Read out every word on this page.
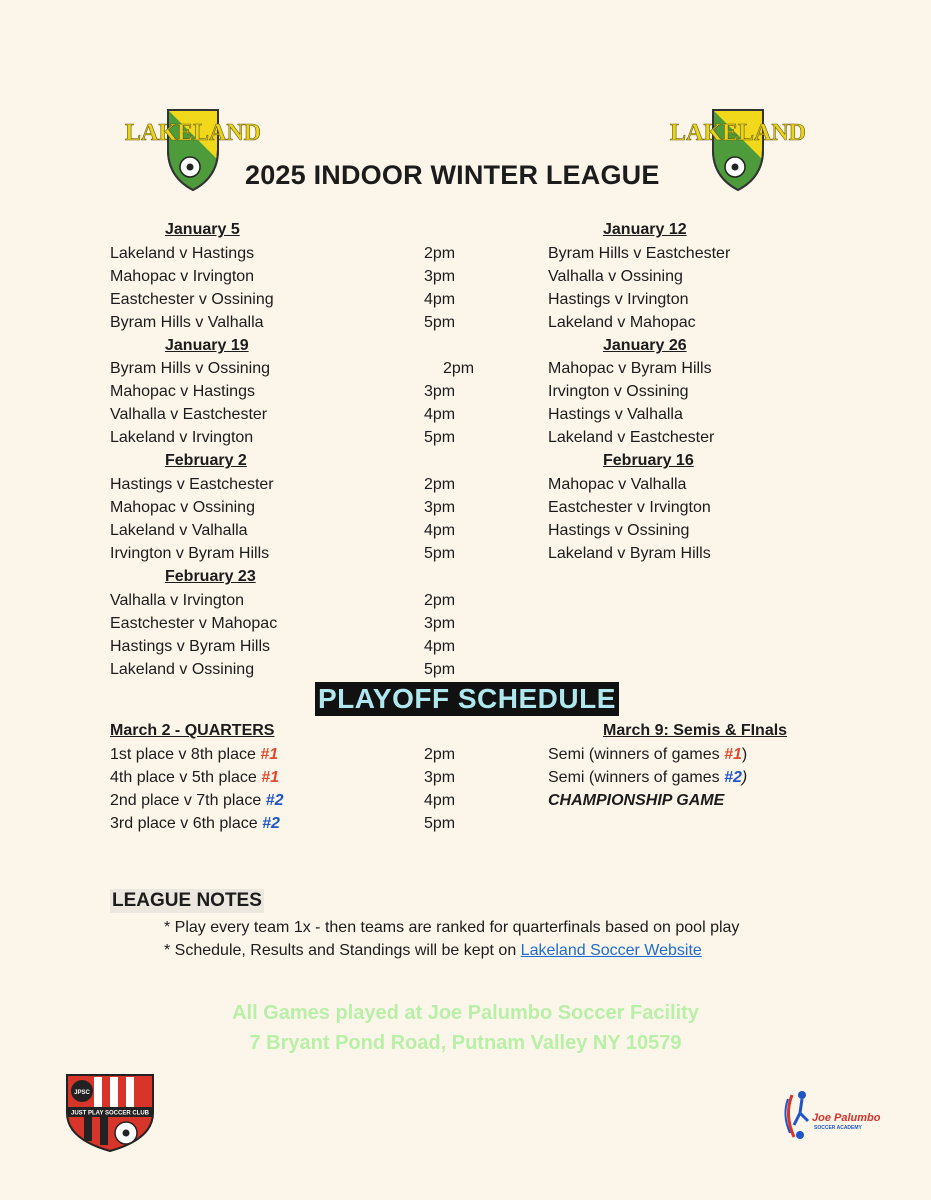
LAKELAND	LAKELAND
2025 INDOOR WINTER LEAGUE
January 5
Lakeland v Hastings	2pm
Mahopac v Irvington	3pm
Eastchester v Ossining	4pm
Byram Hills v Valhalla	5pm
January 19
Byram Hills v Ossining	2pm
Mahopac v Hastings	3pm
Valhalla v Eastchester	4pm
Lakeland v Irvington	5pm
February 2
Hastings v Eastchester	2pm
Mahopac v Ossining	3pm
Lakeland v Valhalla	4pm
Irvington v Byram Hills	5pm
February 23
Valhalla v Irvington	2pm
Eastchester v Mahopac	3pm
Hastings v Byram Hills	4pm
Lakeland v Ossining	5pm
January 12
Byram Hills v Eastchester
Valhalla v Ossining
Hastings v Irvington
Lakeland v Mahopac
January 26
Mahopac v Byram Hills
Irvington v Ossining
Hastings v Valhalla
Lakeland v Eastchester
February 16
Mahopac v Valhalla
Eastchester v Irvington
Hastings v Ossining
Lakeland v Byram Hills
PLAYOFF SCHEDULE
March 2 - QUARTERS
1st place v 8th place #1	2pm
4th place v 5th place #1	3pm
2nd place v 7th place #2	4pm
3rd place v 6th place #2	5pm
March 9: Semis & FInals
Semi (winners of games #1)
Semi (winners of games #2)
CHAMPIONSHIP GAME
LEAGUE NOTES
* Play every team 1x - then teams are ranked for quarterfinals based on pool play
* Schedule, Results and Standings will be kept on Lakeland Soccer Website
All Games played at Joe Palumbo Soccer Facility
7 Bryant Pond Road, Putnam Valley NY 10579
JPSC
JUST PLAY SOCCER CLUB	Joe Palumbo
SOCCER ACADEMY
